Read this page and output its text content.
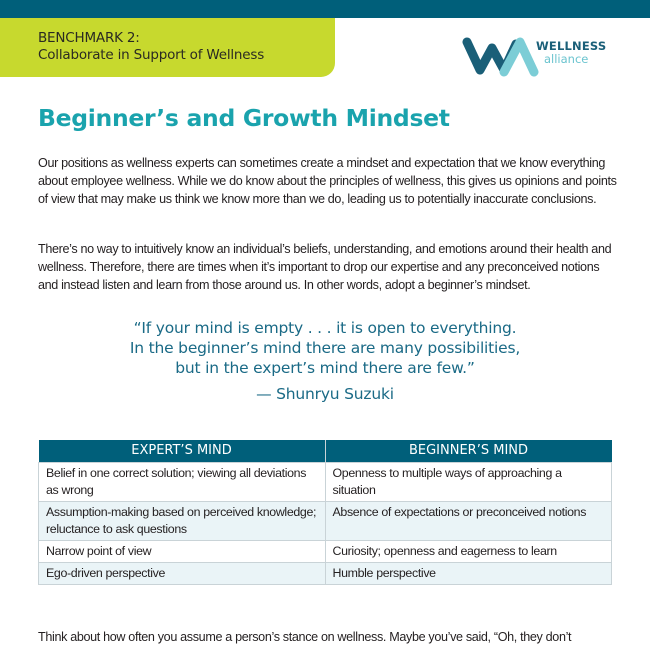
BENCHMARK 2:
Collaborate in Support of Wellness
WELLNESS
alliance
Beginner’s and Growth Mindset

Our positions as wellness experts can sometimes create a mindset and expectation that we know everything about employee wellness. While we do know about the principles of wellness, this gives us opinions and points of view that may make us think we know more than we do, leading us to potentially inaccurate conclusions.

There’s no way to intuitively know an individual’s beliefs, understanding, and emotions around their health and wellness. Therefore, there are times when it’s important to drop our expertise and any preconceived notions and instead listen and learn from those around us. In other words, adopt a beginner’s mindset.

“If your mind is empty . . . it is open to everything.
In the beginner’s mind there are many possibilities,
but in the expert’s mind there are few.”
— Shunryu Suzuki
EXPERT’S MIND	BEGINNER’S MIND
Belief in one correct solution; viewing all deviations as wrong	Openness to multiple ways of approaching a situation
Assumption-making based on perceived knowledge; reluctance to ask questions	Absence of expectations or preconceived notions
Narrow point of view	Curiosity; openness and eagerness to learn
Ego-driven perspective	Humble perspective

Think about how often you assume a person’s stance on wellness. Maybe you’ve said, “Oh, they don’t
